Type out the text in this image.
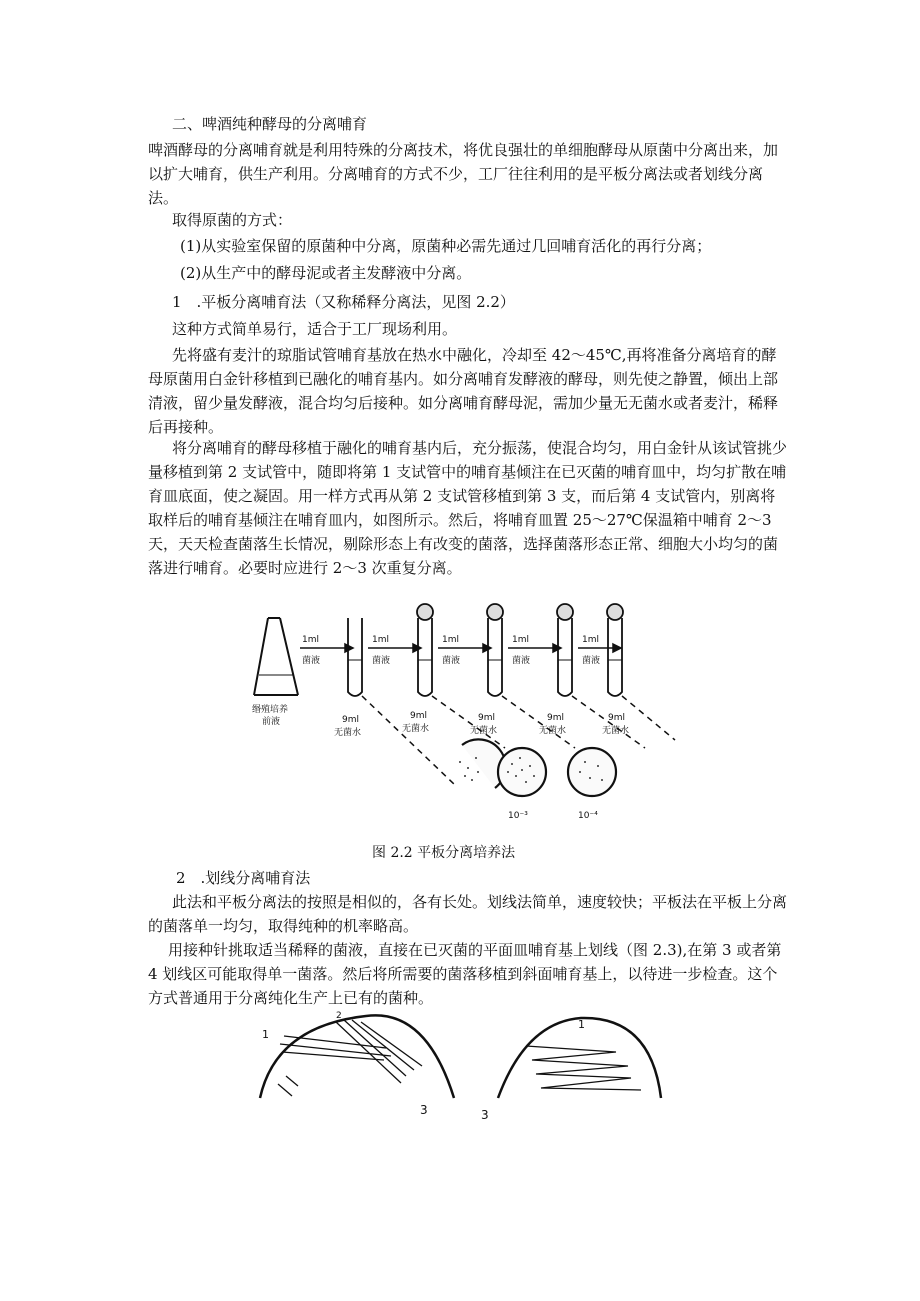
二、啤酒纯种酵母的分离哺育

啤酒酵母的分离哺育就是利用特殊的分离技术，将优良强壮的单细胞酵母从原菌中分离出来，加以扩大哺育，供生产利用。分离哺育的方式不少，工厂往往利用的是平板分离法或者划线分离法。

取得原菌的方式：

(1)从实验室保留的原菌种中分离，原菌种必需先通过几回哺育活化的再行分离；

(2)从生产中的酵母泥或者主发酵液中分离。

1　.平板分离哺育法（又称稀释分离法，见图 2.2）

这种方式简单易行，适合于工厂现场利用。

先将盛有麦汁的琼脂试管哺育基放在热水中融化，冷却至 42～45℃,再将准备分离培育的酵母原菌用白金针移植到已融化的哺育基内。如分离哺育发酵液的酵母，则先使之静置，倾出上部清液，留少量发酵液，混合均匀后接种。如分离哺育酵母泥，需加少量无无菌水或者麦汁，稀释后再接种。

将分离哺育的酵母移植于融化的哺育基内后，充分振荡，使混合均匀，用白金针从该试管挑少量移植到第 2 支试管中，随即将第 1 支试管中的哺育基倾注在已灭菌的哺育皿中，均匀扩散在哺育皿底面，使之凝固。用一样方式再从第 2 支试管移植到第 3 支，而后第 4 支试管内，别离将取样后的哺育基倾注在哺育皿内，如图所示。然后，将哺育皿置 25～27℃保温箱中哺育 2～3 天，天天检查菌落生长情况，剔除形态上有改变的菌落，选择菌落形态正常、细胞大小均匀的菌落进行哺育。必要时应进行 2～3 次重复分离。

缗殖培养
前液
1ml
菌液
1ml
菌液
1ml
菌液
1ml
菌液
1ml
菌液
9ml
无菌水
9ml
无菌水
9ml
无菌水
9ml
无菌水
9ml
无菌水
10⁻³	10⁻⁴
图 2.2 平板分离培养法

2　.划线分离哺育法

此法和平板分离法的按照是相似的，各有长处。划线法简单，速度较快；平板法在平板上分离的菌落单一均匀，取得纯种的机率略高。

用接种针挑取适当稀释的菌液，直接在已灭菌的平面皿哺育基上划线（图 2.3),在第 3 或者第 4 划线区可能取得单一菌落。然后将所需要的菌落移植到斜面哺育基上，以待进一步检查。这个方式普通用于分离纯化生产上已有的菌种。

1
2
1
3	3
